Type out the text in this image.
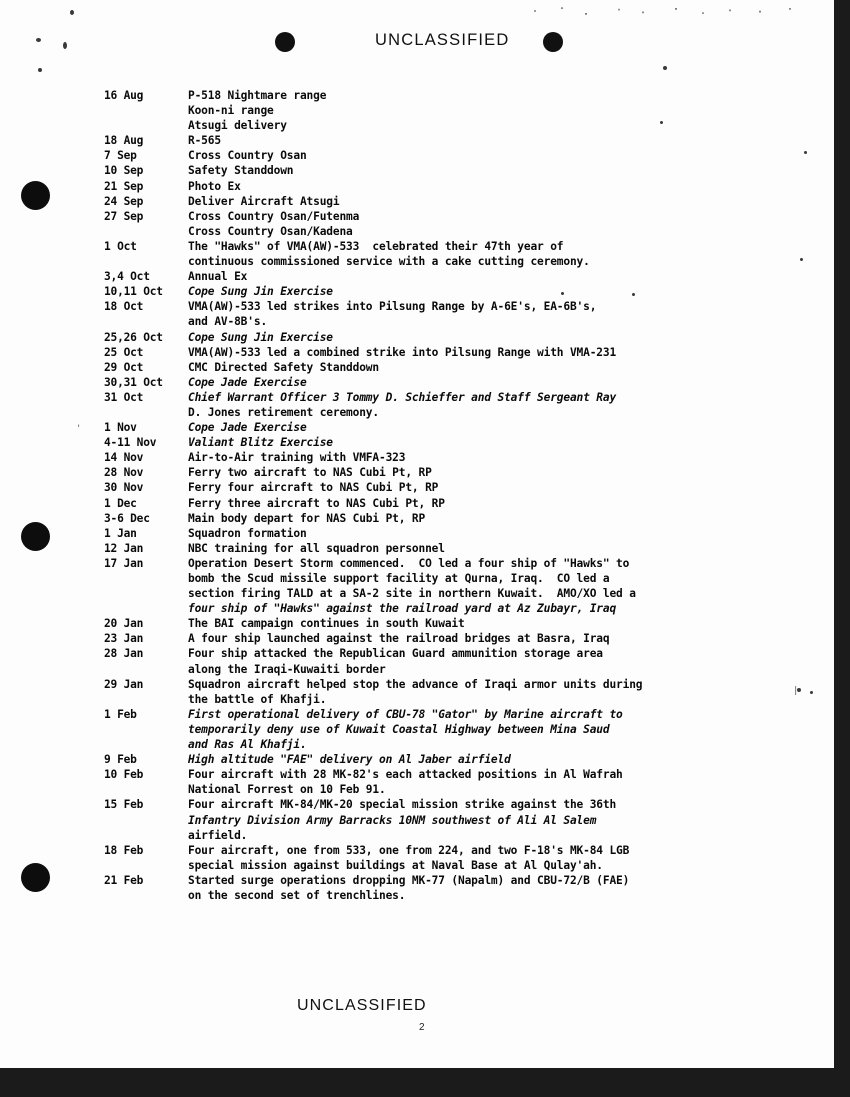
UNCLASSIFIED
'
|
16 Aug	P-518 Nightmare range
Koon-ni range
Atsugi delivery
18 Aug	R-565
7 Sep	Cross Country Osan
10 Sep	Safety Standdown
21 Sep	Photo Ex
24 Sep	Deliver Aircraft Atsugi
27 Sep	Cross Country Osan/Futenma
Cross Country Osan/Kadena
1 Oct	The "Hawks" of VMA(AW)-533  celebrated their 47th year of
continuous commissioned service with a cake cutting ceremony.
3,4 Oct	Annual Ex
10,11 Oct	Cope Sung Jin Exercise
18 Oct	VMA(AW)-533 led strikes into Pilsung Range by A-6E's, EA-6B's,
and AV-8B's.
25,26 Oct	Cope Sung Jin Exercise
25 Oct	VMA(AW)-533 led a combined strike into Pilsung Range with VMA-231
29 Oct	CMC Directed Safety Standdown
30,31 Oct	Cope Jade Exercise
31 Oct	Chief Warrant Officer 3 Tommy D. Schieffer and Staff Sergeant Ray
D. Jones retirement ceremony.
1 Nov	Cope Jade Exercise
4-11 Nov	Valiant Blitz Exercise
14 Nov	Air-to-Air training with VMFA-323
28 Nov	Ferry two aircraft to NAS Cubi Pt, RP
30 Nov	Ferry four aircraft to NAS Cubi Pt, RP
1 Dec	Ferry three aircraft to NAS Cubi Pt, RP
3-6 Dec	Main body depart for NAS Cubi Pt, RP
1 Jan	Squadron formation
12 Jan	NBC training for all squadron personnel
17 Jan	Operation Desert Storm commenced.  CO led a four ship of "Hawks" to
bomb the Scud missile support facility at Qurna, Iraq.  CO led a
section firing TALD at a SA-2 site in northern Kuwait.  AMO/XO led a
four ship of "Hawks" against the railroad yard at Az Zubayr, Iraq
20 Jan	The BAI campaign continues in south Kuwait
23 Jan	A four ship launched against the railroad bridges at Basra, Iraq
28 Jan	Four ship attacked the Republican Guard ammunition storage area
along the Iraqi-Kuwaiti border
29 Jan	Squadron aircraft helped stop the advance of Iraqi armor units during
the battle of Khafji.
1 Feb	First operational delivery of CBU-78 "Gator" by Marine aircraft to
temporarily deny use of Kuwait Coastal Highway between Mina Saud
and Ras Al Khafji.
9 Feb	High altitude "FAE" delivery on Al Jaber airfield
10 Feb	Four aircraft with 28 MK-82's each attacked positions in Al Wafrah
National Forrest on 10 Feb 91.
15 Feb	Four aircraft MK-84/MK-20 special mission strike against the 36th
Infantry Division Army Barracks 10NM southwest of Ali Al Salem
airfield.
18 Feb	Four aircraft, one from 533, one from 224, and two F-18's MK-84 LGB
special mission against buildings at Naval Base at Al Qulay'ah.
21 Feb	Started surge operations dropping MK-77 (Napalm) and CBU-72/B (FAE)
on the second set of trenchlines.
UNCLASSIFIED
2
